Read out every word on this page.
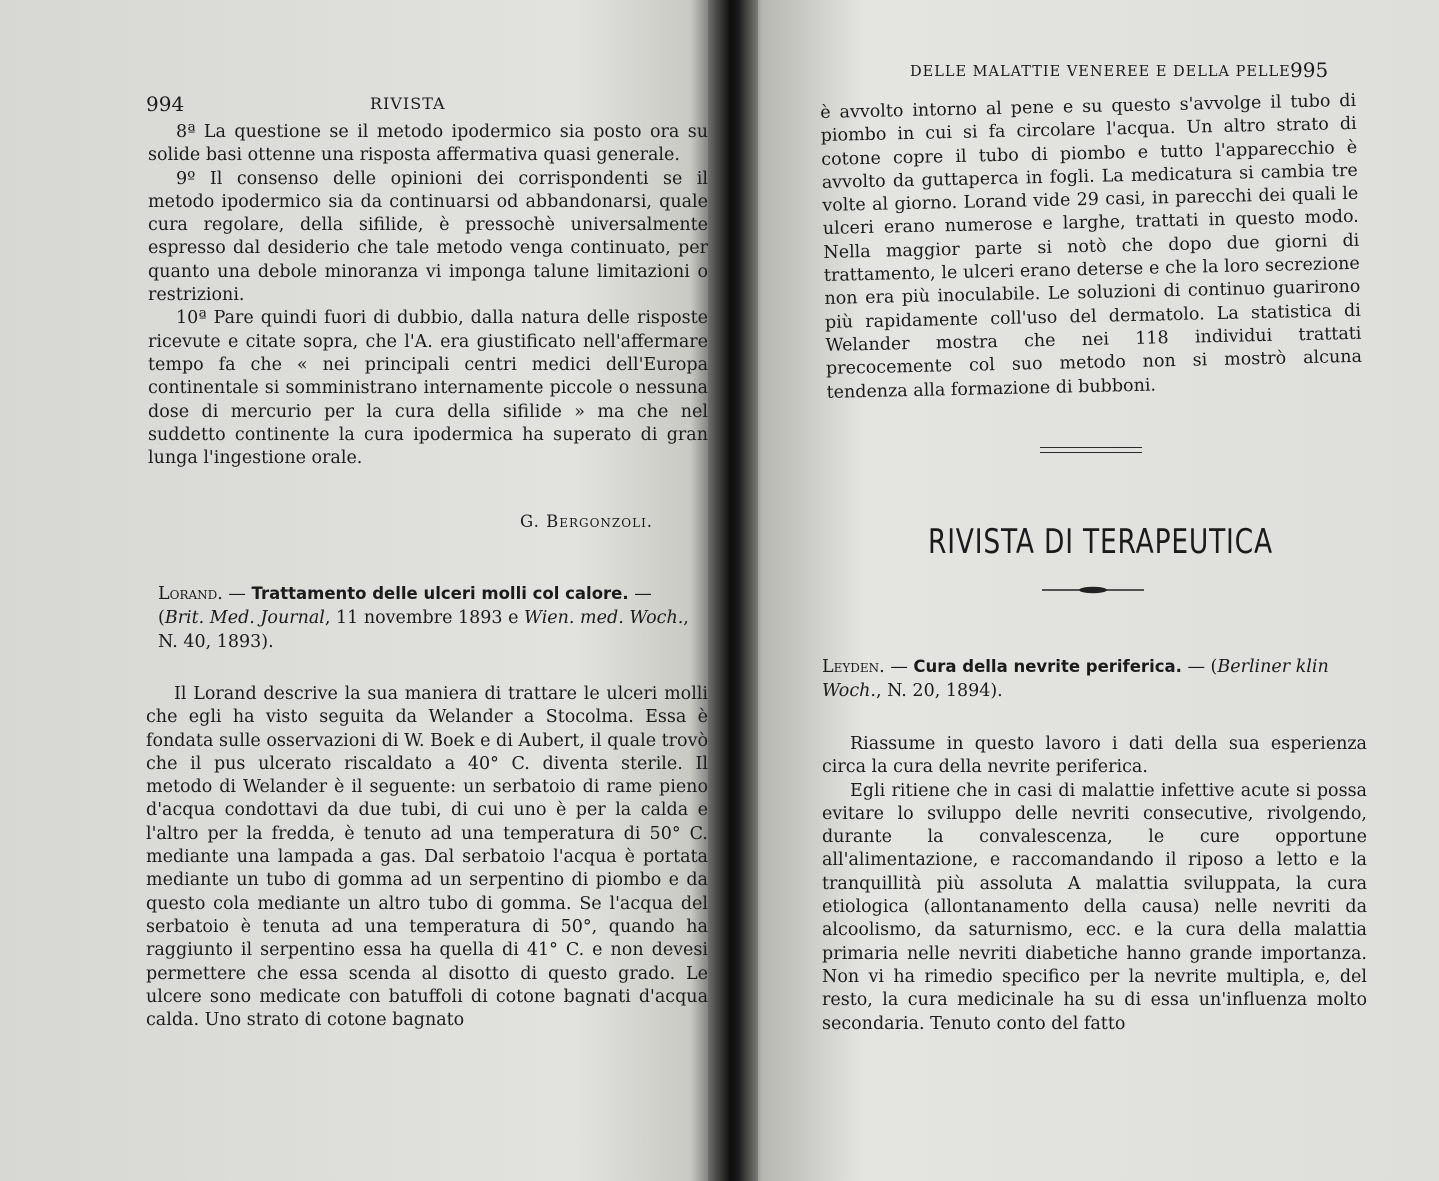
994	RIVISTA

8ª La questione se il metodo ipodermico sia posto ora su solide basi ottenne una risposta affermativa quasi generale.

9º Il consenso delle opinioni dei corrispondenti se il metodo ipodermico sia da continuarsi od abbandonarsi, quale cura regolare, della sifilide, è pressochè universalmente espresso dal desiderio che tale metodo venga continuato, per quanto una debole minoranza vi imponga talune limitazioni o restrizioni.

10ª Pare quindi fuori di dubbio, dalla natura delle risposte ricevute e citate sopra, che l'A. era giustificato nell'affermare tempo fa che « nei principali centri medici dell'Europa continentale si somministrano internamente piccole o nessuna dose di mercurio per la cura della sifilide » ma che nel suddetto continente la cura ipodermica ha superato di gran lunga l'ingestione orale.

G. Bergonzoli.
Lorand. — Trattamento delle ulceri molli col calore. — (Brit. Med. Journal, 11 novembre 1893 e Wien. med. Woch., N. 40, 1893).

Il Lorand descrive la sua maniera di trattare le ulceri molli che egli ha visto seguita da Welander a Stocolma. Essa è fondata sulle osservazioni di W. Boek e di Aubert, il quale trovò che il pus ulcerato riscaldato a 40° C. diventa sterile. Il metodo di Welander è il seguente: un serbatoio di rame pieno d'acqua condottavi da due tubi, di cui uno è per la calda e l'altro per la fredda, è tenuto ad una temperatura di 50° C. mediante una lampada a gas. Dal serbatoio l'acqua è portata mediante un tubo di gomma ad un serpentino di piombo e da questo cola mediante un altro tubo di gomma. Se l'acqua del serbatoio è tenuta ad una temperatura di 50°, quando ha raggiunto il serpentino essa ha quella di 41° C. e non devesi permettere che essa scenda al disotto di questo grado. Le ulcere sono medicate con batuffoli di cotone bagnati d'acqua calda. Uno strato di cotone bagnato

DELLE MALATTIE VENEREE E DELLA PELLE 995

è avvolto intorno al pene e su questo s'avvolge il tubo di piombo in cui si fa circolare l'acqua. Un altro strato di cotone copre il tubo di piombo e tutto l'apparecchio è avvolto da guttaperca in fogli. La medicatura si cambia tre volte al giorno. Lorand vide 29 casi, in parecchi dei quali le ulceri erano numerose e larghe, trattati in questo modo. Nella maggior parte si notò che dopo due giorni di trattamento, le ulceri erano deterse e che la loro secrezione non era più inoculabile. Le soluzioni di continuo guarirono più rapidamente coll'uso del dermatolo. La statistica di Welander mostra che nei 118 individui trattati precocemente col suo metodo non si mostrò alcuna tendenza alla formazione di bubboni.

RIVISTA DI TERAPEUTICA
Leyden. — Cura della nevrite periferica. — (Berliner klin Woch., N. 20, 1894).

Riassume in questo lavoro i dati della sua esperienza circa la cura della nevrite periferica.

Egli ritiene che in casi di malattie infettive acute si possa evitare lo sviluppo delle nevriti consecutive, rivolgendo, durante la convalescenza, le cure opportune all'alimentazione, e raccomandando il riposo a letto e la tranquillità più assoluta A malattia sviluppata, la cura etiologica (allontanamento della causa) nelle nevriti da alcoolismo, da saturnismo, ecc. e la cura della malattia primaria nelle nevriti diabetiche hanno grande importanza. Non vi ha rimedio specifico per la nevrite multipla, e, del resto, la cura medicinale ha su di essa un'influenza molto secondaria. Tenuto conto del fatto
